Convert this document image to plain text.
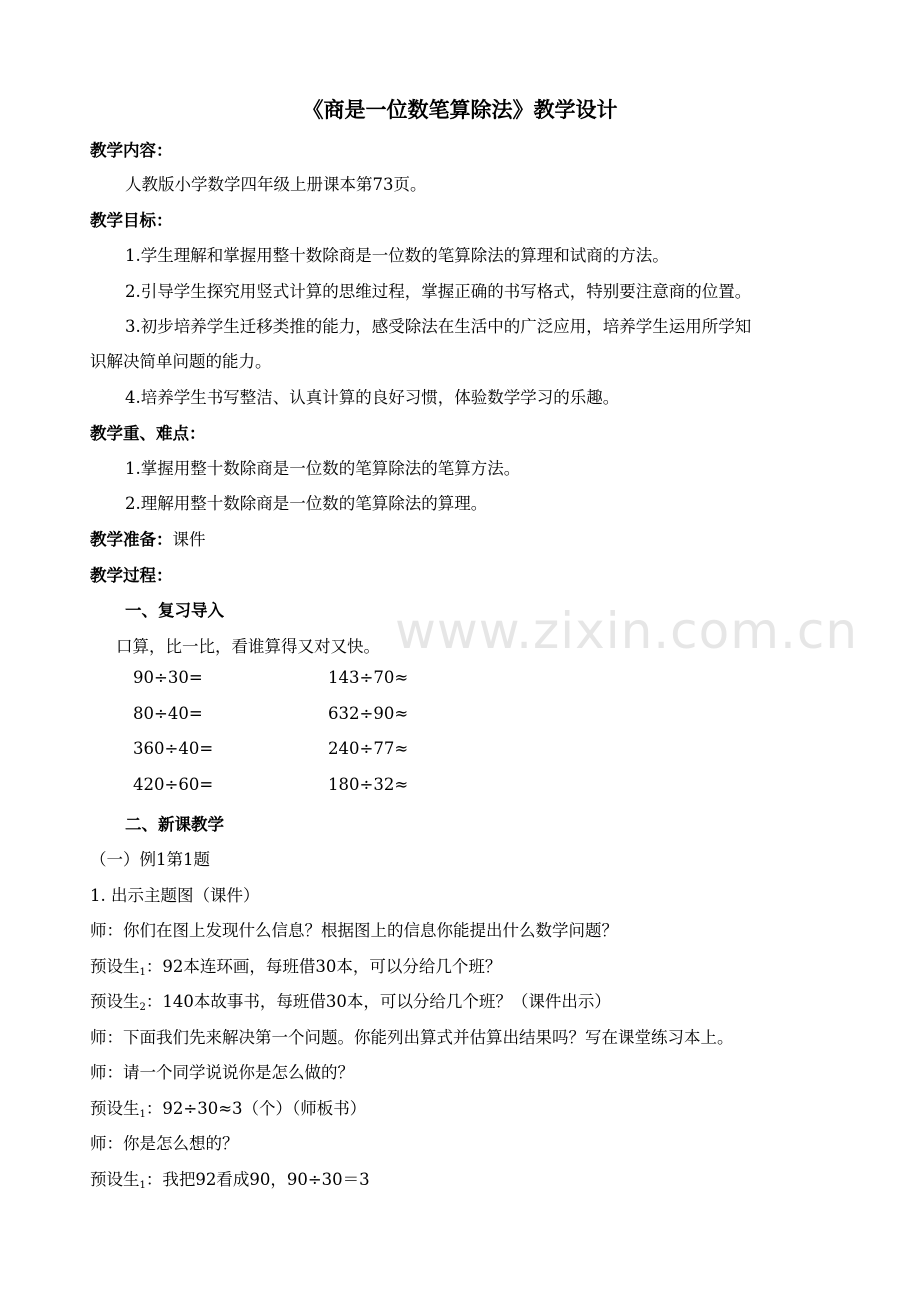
www.zixin.com.cn
《商是一位数笔算除法》教学设计
教学内容：
人教版小学数学四年级上册课本第73页。
教学目标：
1.学生理解和掌握用整十数除商是一位数的笔算除法的算理和试商的方法。
2.引导学生探究用竖式计算的思维过程，掌握正确的书写格式，特别要注意商的位置。
3.初步培养学生迁移类推的能力，感受除法在生活中的广泛应用，培养学生运用所学知
识解决简单问题的能力。
4.培养学生书写整洁、认真计算的良好习惯，体验数学学习的乐趣。
教学重、难点：
1.掌握用整十数除商是一位数的笔算除法的笔算方法。
2.理解用整十数除商是一位数的笔算除法的算理。
教学准备：课件
教学过程：
一、复习导入
口算，比一比，看谁算得又对又快。
90÷30=
80÷40=
360÷40=
420÷60=
143÷70≈
632÷90≈
240÷77≈
180÷32≈
二、新课教学
（一）例1第1题
1. 出示主题图（课件）
师：你们在图上发现什么信息？根据图上的信息你能提出什么数学问题？
预设生$_1$：92本连环画，每班借30本，可以分给几个班？
预设生$_2$：140本故事书，每班借30本，可以分给几个班？（课件出示）
师：下面我们先来解决第一个问题。你能列出算式并估算出结果吗？写在课堂练习本上。
师：请一个同学说说你是怎么做的？
预设生$_1$：92÷30≈3（个）（师板书）
师：你是怎么想的？
预设生$_1$：我把92看成90，90÷30＝3
